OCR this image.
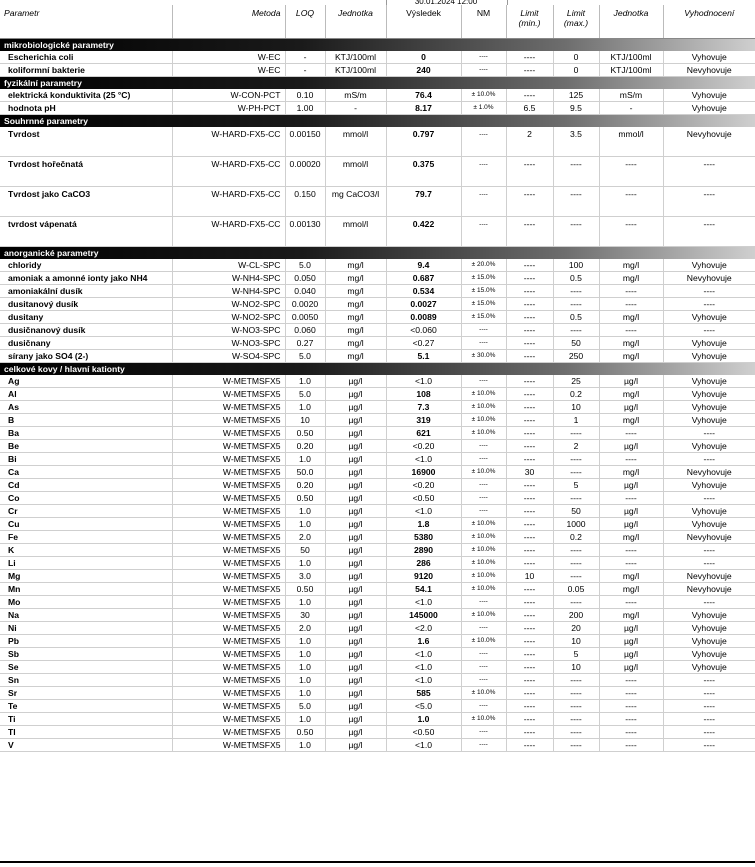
30.01.2024 12:00
Parametr	Metoda	LOQ	Jednotka	Výsledek	NM	Limit (min.)	Limit (max.)	Jednotka	Vyhodnocení
mikrobiologické parametry									
Escherichia coli	W-EC	-	KTJ/100ml	0	----	----	0	KTJ/100ml	Vyhovuje
koliformní bakterie	W-EC	-	KTJ/100ml	240	----	----	0	KTJ/100ml	Nevyhovuje
fyzikální parametry									
elektrická konduktivita (25 °C)	W-CON-PCT	0.10	mS/m	76.4	± 10.0%	----	125	mS/m	Vyhovuje
hodnota pH	W-PH-PCT	1.00	-	8.17	± 1.0%	6.5	9.5	-	Vyhovuje
Souhrnné parametry									
Tvrdost	W-HARD-FX5-CC	0.00150	mmol/l	0.797	----	2	3.5	mmol/l	Nevyhovuje
Tvrdost hořečnatá	W-HARD-FX5-CC	0.00020	mmol/l	0.375	----	----	----	----	----
Tvrdost jako CaCO3	W-HARD-FX5-CC	0.150	mg CaCO3/l	79.7	----	----	----	----	----
tvrdost vápenatá	W-HARD-FX5-CC	0.00130	mmol/l	0.422	----	----	----	----	----
anorganické parametry									
chloridy	W-CL-SPC	5.0	mg/l	9.4	± 20.0%	----	100	mg/l	Vyhovuje
amoniak a amonné ionty jako NH4	W-NH4-SPC	0.050	mg/l	0.687	± 15.0%	----	0.5	mg/l	Nevyhovuje
amoniakální dusík	W-NH4-SPC	0.040	mg/l	0.534	± 15.0%	----	----	----	----
dusitanový dusík	W-NO2-SPC	0.0020	mg/l	0.0027	± 15.0%	----	----	----	----
dusitany	W-NO2-SPC	0.0050	mg/l	0.0089	± 15.0%	----	0.5	mg/l	Vyhovuje
dusičnanový dusík	W-NO3-SPC	0.060	mg/l	<0.060	----	----	----	----	----
dusičnany	W-NO3-SPC	0.27	mg/l	<0.27	----	----	50	mg/l	Vyhovuje
sírany jako SO4 (2-)	W-SO4-SPC	5.0	mg/l	5.1	± 30.0%	----	250	mg/l	Vyhovuje
celkové kovy / hlavní kationty									
Ag	W-METMSFX5	1.0	µg/l	<1.0	----	----	25	µg/l	Vyhovuje
Al	W-METMSFX5	5.0	µg/l	108	± 10.0%	----	0.2	mg/l	Vyhovuje
As	W-METMSFX5	1.0	µg/l	7.3	± 10.0%	----	10	µg/l	Vyhovuje
B	W-METMSFX5	10	µg/l	319	± 10.0%	----	1	mg/l	Vyhovuje
Ba	W-METMSFX5	0.50	µg/l	621	± 10.0%	----	----	----	----
Be	W-METMSFX5	0.20	µg/l	<0.20	----	----	2	µg/l	Vyhovuje
Bi	W-METMSFX5	1.0	µg/l	<1.0	----	----	----	----	----
Ca	W-METMSFX5	50.0	µg/l	16900	± 10.0%	30	----	mg/l	Nevyhovuje
Cd	W-METMSFX5	0.20	µg/l	<0.20	----	----	5	µg/l	Vyhovuje
Co	W-METMSFX5	0.50	µg/l	<0.50	----	----	----	----	----
Cr	W-METMSFX5	1.0	µg/l	<1.0	----	----	50	µg/l	Vyhovuje
Cu	W-METMSFX5	1.0	µg/l	1.8	± 10.0%	----	1000	µg/l	Vyhovuje
Fe	W-METMSFX5	2.0	µg/l	5380	± 10.0%	----	0.2	mg/l	Nevyhovuje
K	W-METMSFX5	50	µg/l	2890	± 10.0%	----	----	----	----
Li	W-METMSFX5	1.0	µg/l	286	± 10.0%	----	----	----	----
Mg	W-METMSFX5	3.0	µg/l	9120	± 10.0%	10	----	mg/l	Nevyhovuje
Mn	W-METMSFX5	0.50	µg/l	54.1	± 10.0%	----	0.05	mg/l	Nevyhovuje
Mo	W-METMSFX5	1.0	µg/l	<1.0	----	----	----	----	----
Na	W-METMSFX5	30	µg/l	145000	± 10.0%	----	200	mg/l	Vyhovuje
Ni	W-METMSFX5	2.0	µg/l	<2.0	----	----	20	µg/l	Vyhovuje
Pb	W-METMSFX5	1.0	µg/l	1.6	± 10.0%	----	10	µg/l	Vyhovuje
Sb	W-METMSFX5	1.0	µg/l	<1.0	----	----	5	µg/l	Vyhovuje
Se	W-METMSFX5	1.0	µg/l	<1.0	----	----	10	µg/l	Vyhovuje
Sn	W-METMSFX5	1.0	µg/l	<1.0	----	----	----	----	----
Sr	W-METMSFX5	1.0	µg/l	585	± 10.0%	----	----	----	----
Te	W-METMSFX5	5.0	µg/l	<5.0	----	----	----	----	----
Ti	W-METMSFX5	1.0	µg/l	1.0	± 10.0%	----	----	----	----
Tl	W-METMSFX5	0.50	µg/l	<0.50	----	----	----	----	----
V	W-METMSFX5	1.0	µg/l	<1.0	----	----	----	----	----
